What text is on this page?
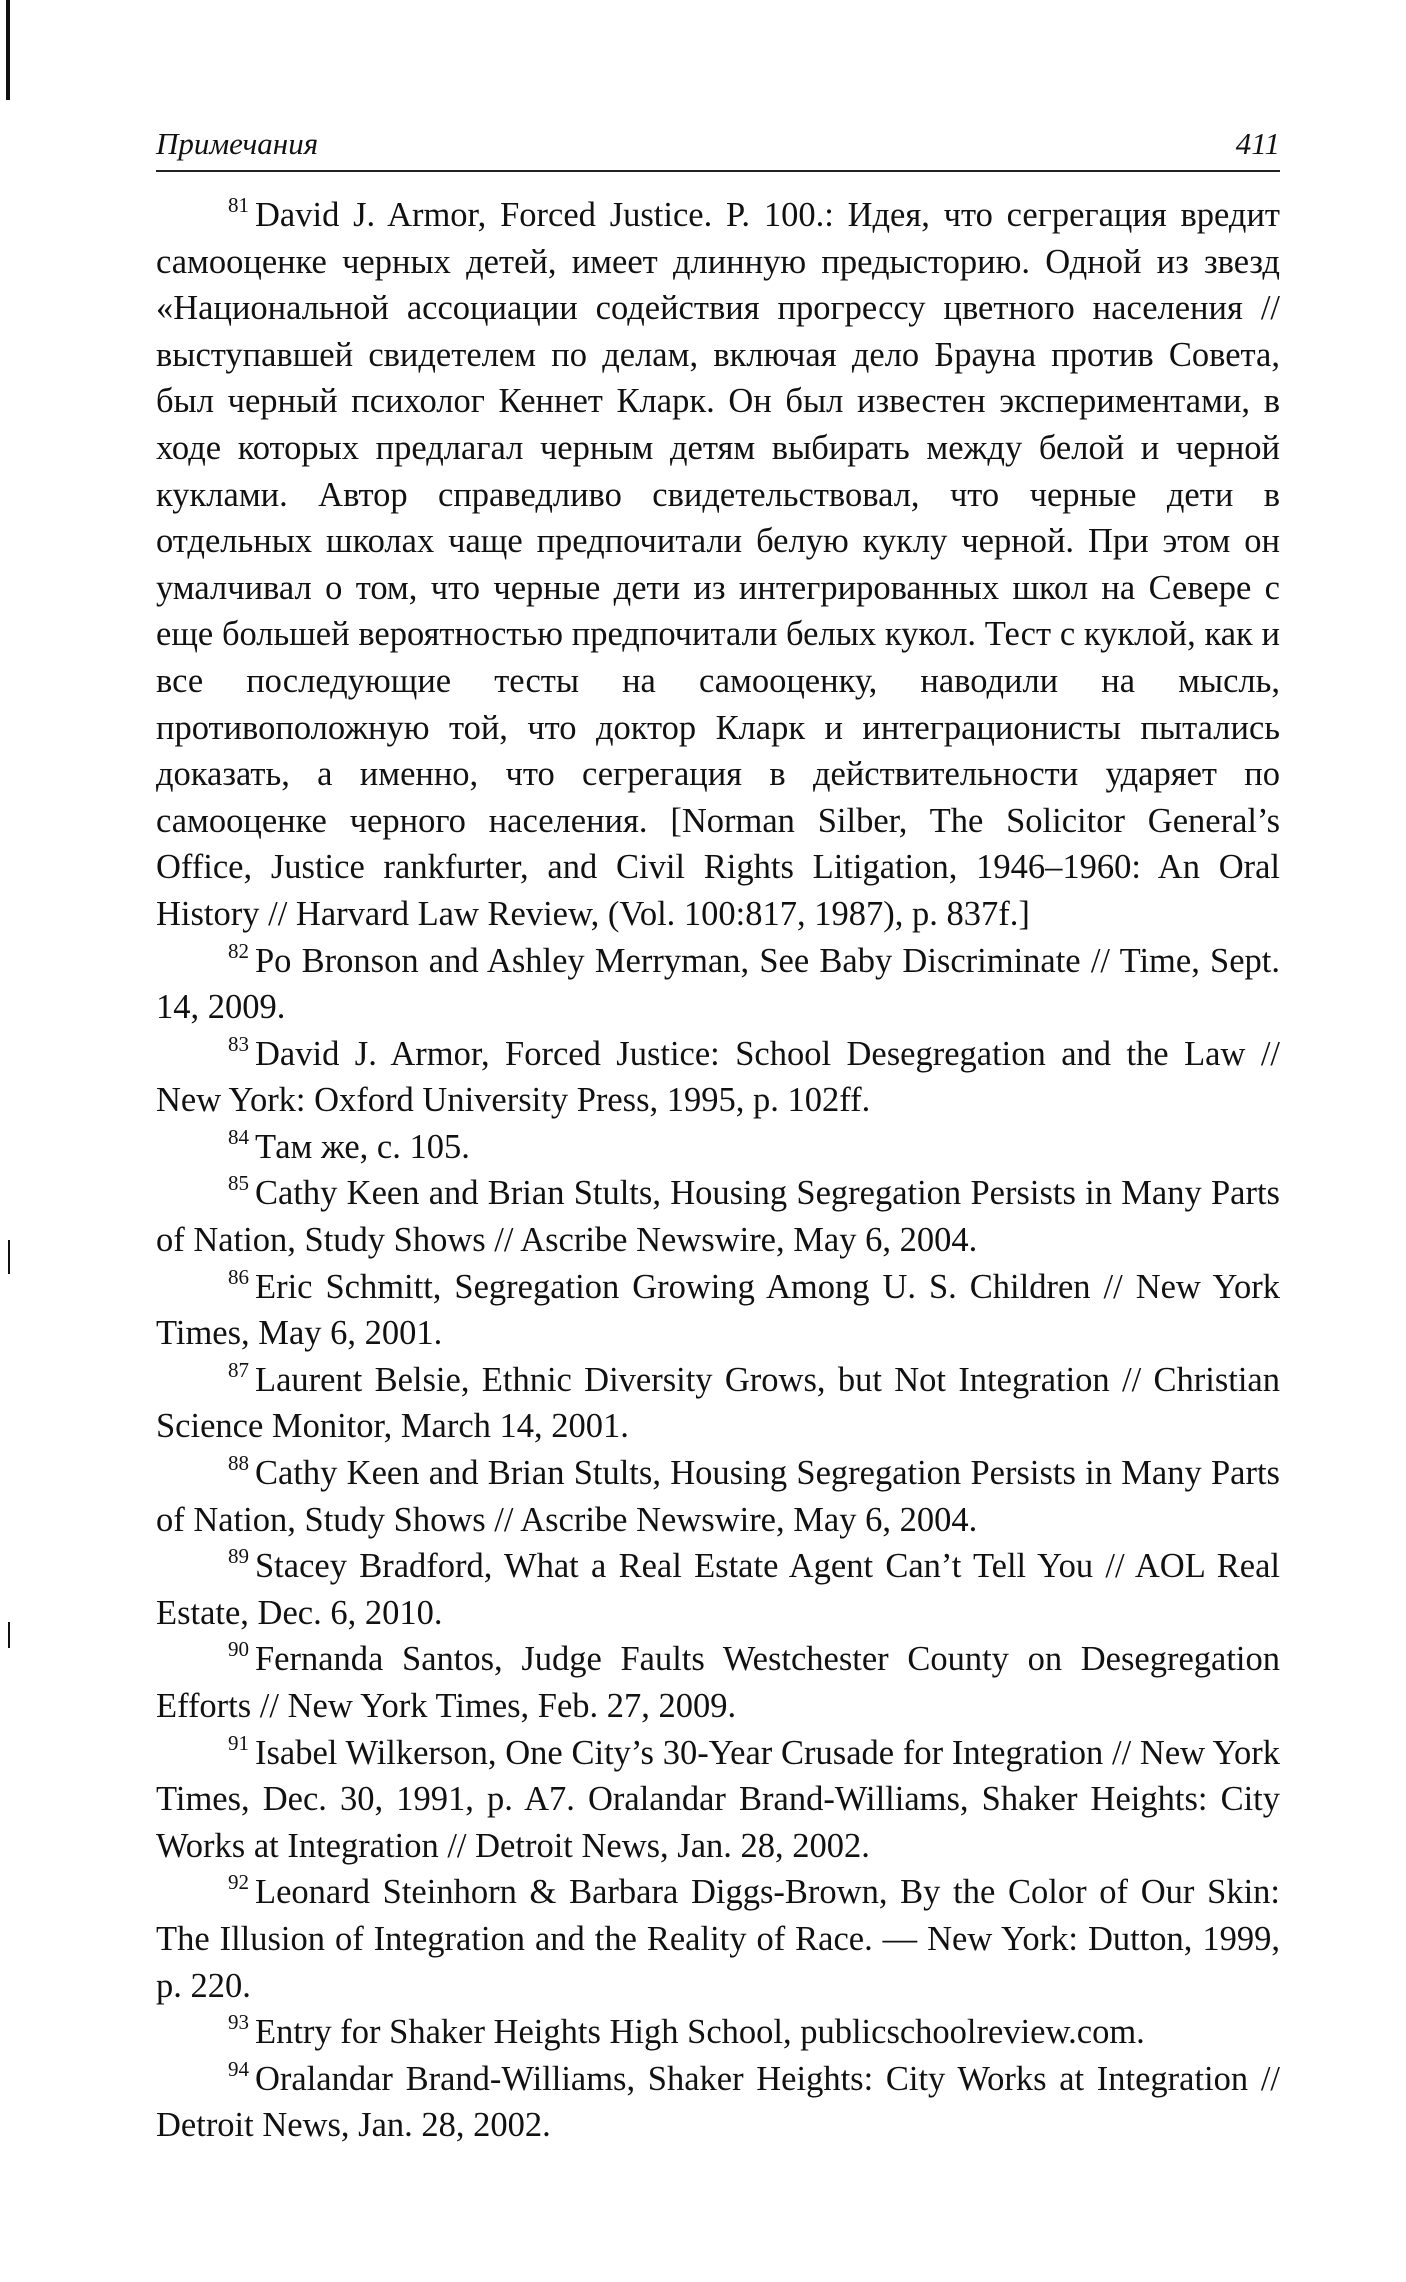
Примечания	411

$^{81}$ David J. Armor, Forced Justice. P. 100.: Идея, что сегрегация вредит самооценке черных детей, имеет длинную предысторию. Одной из звезд «Национальной ассоциации содействия прогрессу цветного населения // выступавшей свидетелем по делам, включая дело Брауна против Совета, был черный психолог Кеннет Кларк. Он был известен экспериментами, в ходе которых предлагал черным детям выбирать между белой и черной куклами. Автор справедливо свидетельствовал, что черные дети в отдельных школах чаще предпочитали белую куклу черной. При этом он умалчивал о том, что черные дети из интегрированных школ на Севере с еще большей вероятностью предпочитали белых кукол. Тест с куклой, как и все последующие тесты на самооценку, наводили на мысль, противоположную той, что доктор Кларк и интеграционисты пытались доказать, а именно, что сегрегация в действительности ударяет по самооценке черного населения. [Norman Silber, The Solicitor General’s Office, Justice rankfurter, and Civil Rights Litigation, 1946–1960: An Oral History // Harvard Law Review, (Vol. 100:817, 1987), p. 837f.]

$^{82}$ Po Bronson and Ashley Merryman, See Baby Discriminate // Time, Sept. 14, 2009.

$^{83}$ David J. Armor, Forced Justice: School Desegregation and the Law // New York: Oxford University Press, 1995, p. 102ff.

$^{84}$ Там же, с. 105.

$^{85}$ Cathy Keen and Brian Stults, Housing Segregation Persists in Many Parts of Nation, Study Shows // Ascribe Newswire, May 6, 2004.

$^{86}$ Eric Schmitt, Segregation Growing Among U. S. Children // New York Times, May 6, 2001.

$^{87}$ Laurent Belsie, Ethnic Diversity Grows, but Not Integration // Christian Science Monitor, March 14, 2001.

$^{88}$ Cathy Keen and Brian Stults, Housing Segregation Persists in Many Parts of Nation, Study Shows // Ascribe Newswire, May 6, 2004.

$^{89}$ Stacey Bradford, What a Real Estate Agent Can’t Tell You // AOL Real Estate, Dec. 6, 2010.

$^{90}$ Fernanda Santos, Judge Faults Westchester County on Desegregation Efforts // New York Times, Feb. 27, 2009.

$^{91}$ Isabel Wilkerson, One City’s 30-Year Crusade for Integration // New York Times, Dec. 30, 1991, p. A7. Oralandar Brand-Williams, Shaker Heights: City Works at Integration // Detroit News, Jan. 28, 2002.

$^{92}$ Leonard Steinhorn & Barbara Diggs-Brown, By the Color of Our Skin: The Illusion of Integration and the Reality of Race. — New York: Dutton, 1999, p. 220.

$^{93}$ Entry for Shaker Heights High School, publicschoolreview.com.

$^{94}$ Oralandar Brand-Williams, Shaker Heights: City Works at Integration // Detroit News, Jan. 28, 2002.
